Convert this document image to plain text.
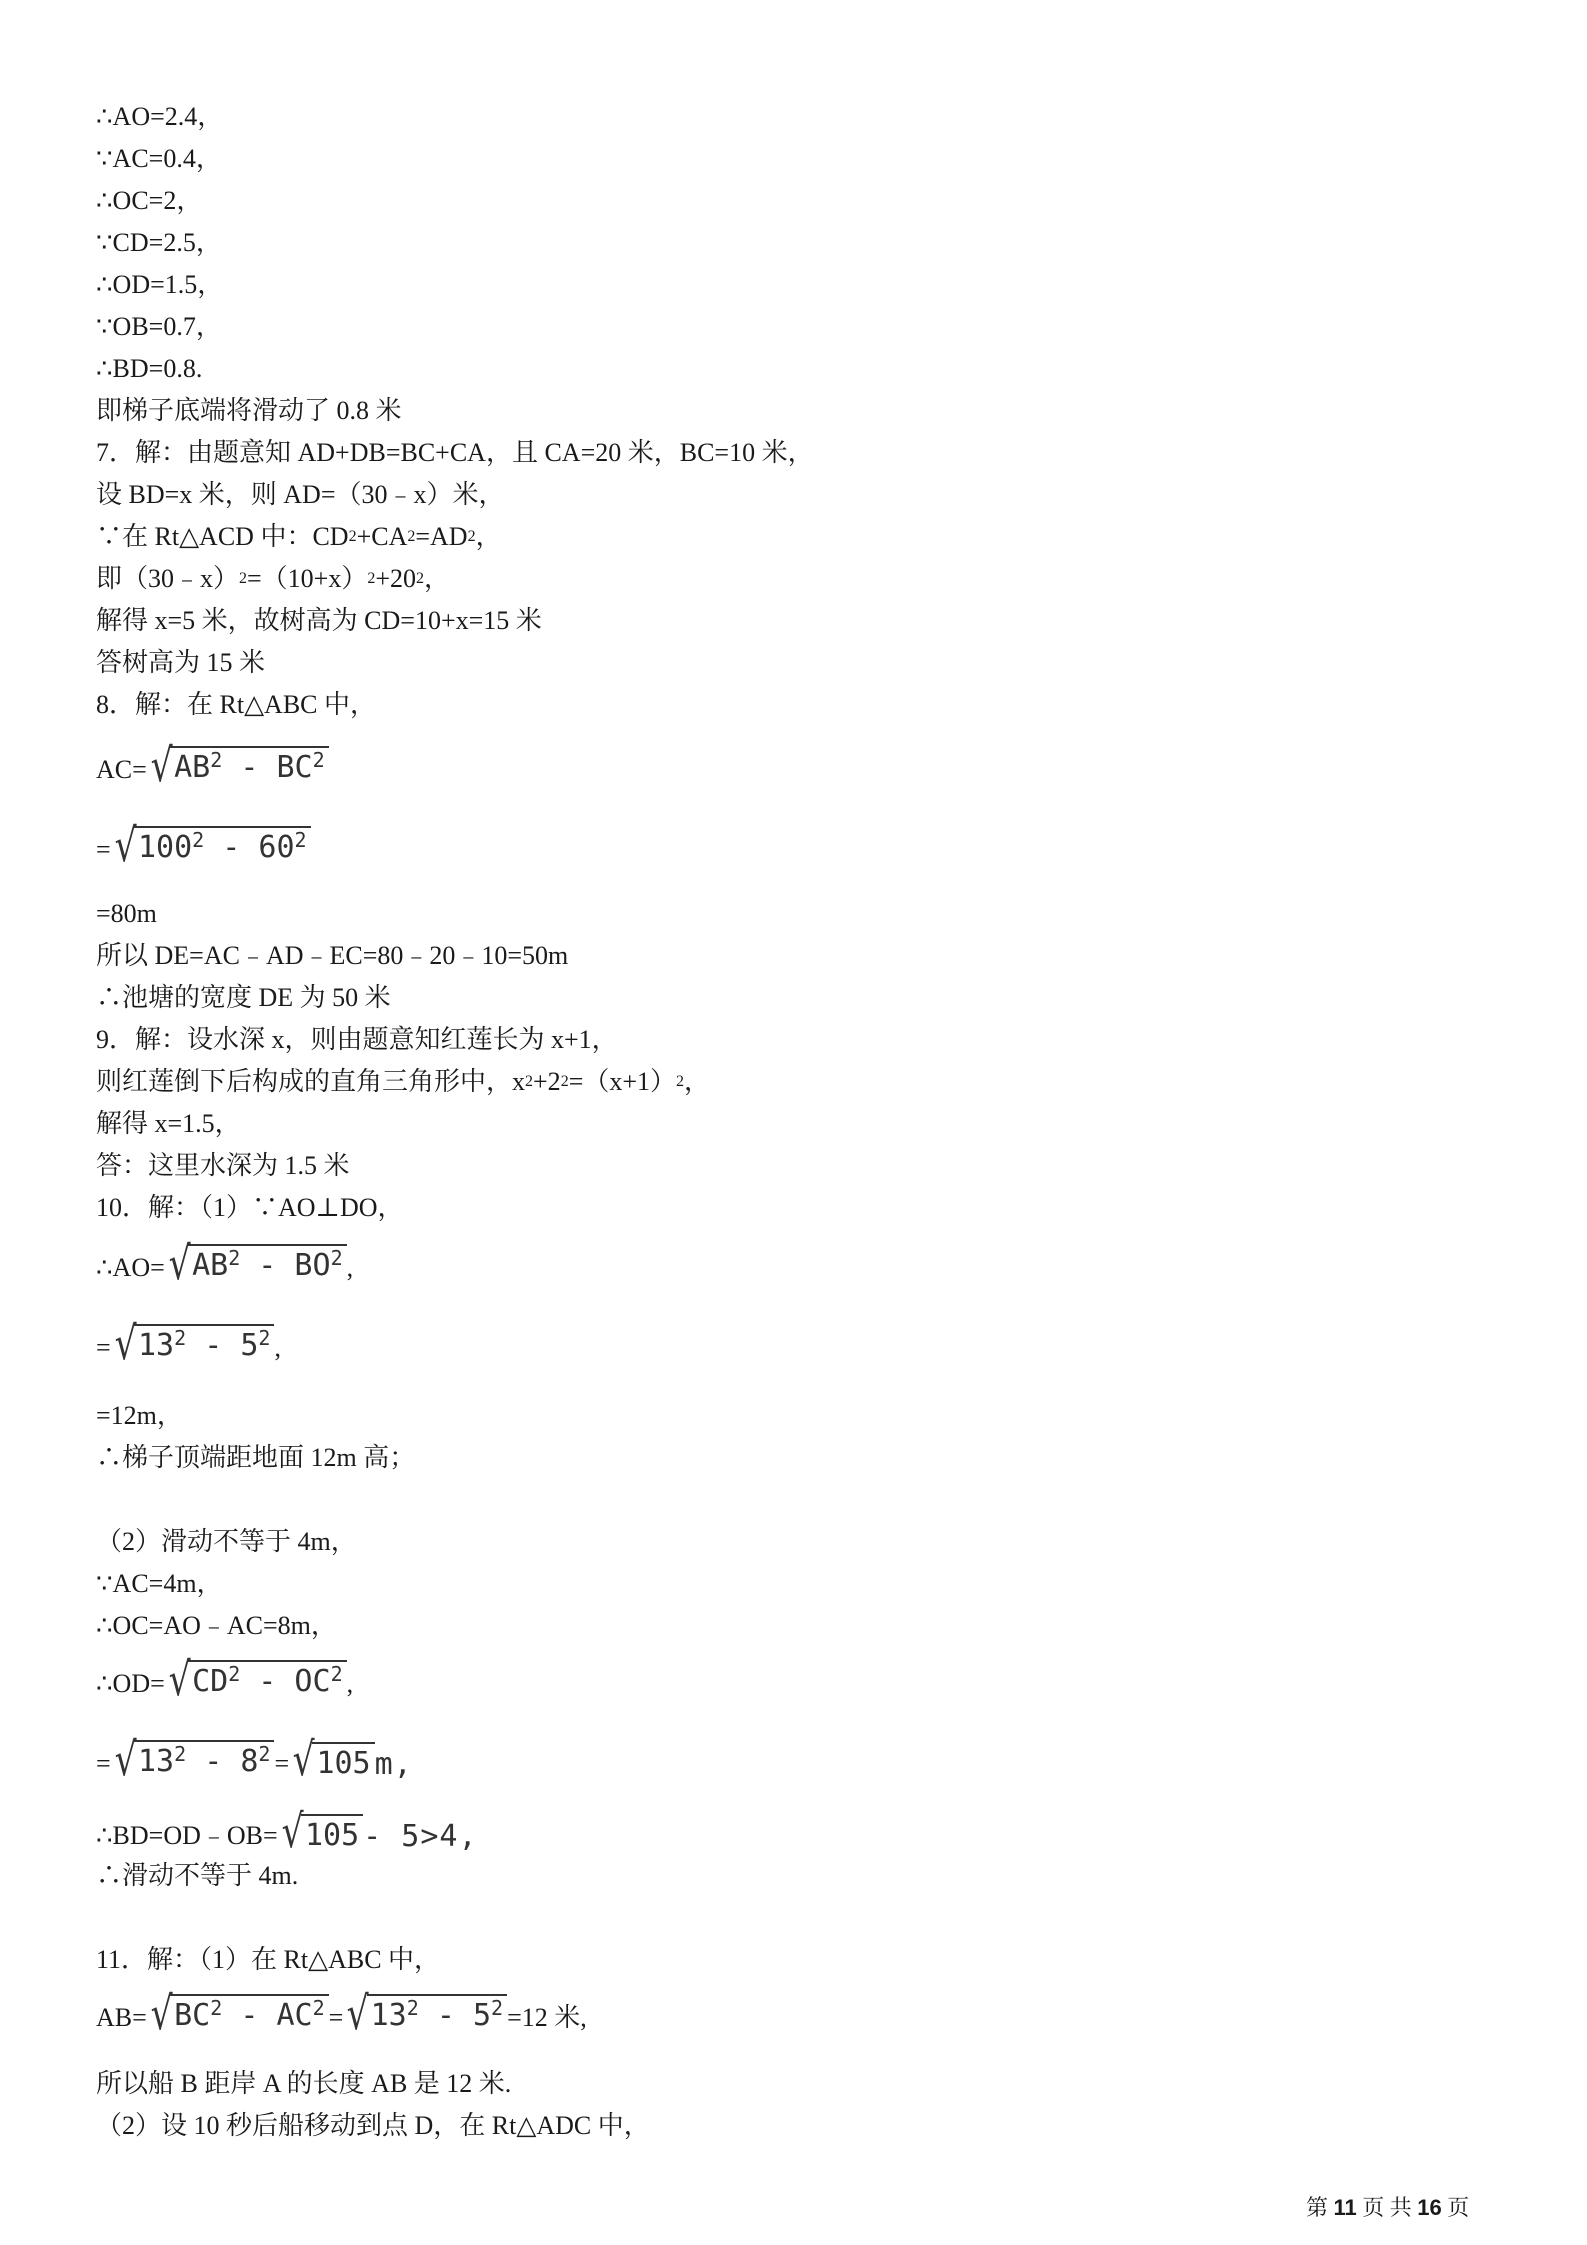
∴AO=2.4，
∵AC=0.4，
∴OC=2，
∵CD=2.5，
∴OD=1.5，
∵OB=0.7，
∴BD=0.8.
即梯子底端将滑动了 0.8 米
7．解：由题意知 AD+DB=BC+CA，且 CA=20 米，BC=10 米，
设 BD=x 米，则 AD=（30﹣x）米，
∵在 Rt△ACD 中：$CD^2+CA^2=AD^2$，
即$(30﹣x)^2=(10+x)^2+20^2$，
解得 x=5 米，故树高为 CD=10+x=15 米
答树高为 15 米
8．解：在 Rt△ABC 中，
AC= √ $AB^2 - BC^2$
= √ $100^2 - 60^2$
=80m
所以 DE=AC﹣AD﹣EC=80﹣20﹣10=50m
∴池塘的宽度 DE 为 50 米
9．解：设水深 x，则由题意知红莲长为 x+1，
则红莲倒下后构成的直角三角形中，$x^2+2^2=(x+1)^2$，
解得 x=1.5，
答：这里水深为 1.5 米
10．解：（1）∵AO⊥DO，
∴AO= √ $AB^2 - BO^2$ ,
= √ $13^2 - 5^2$ ,
=12m，
∴梯子顶端距地面 12m 高；
（2）滑动不等于 4m，
∵AC=4m，
∴OC=AO﹣AC=8m，
∴OD= √ $CD^2 - OC^2$ ,
= √ $13^2 - 8^2$ = √ 105 m,
∴BD=OD﹣OB= √ 105 - 5>4,
∴滑动不等于 4m.
11．解：（1）在 Rt△ABC 中，
AB= √ $BC^2 - AC^2$ = √ $13^2 - 5^2 =12$ 米,
所以船 B 距岸 A 的长度 AB 是 12 米.
（2）设 10 秒后船移动到点 D，在 Rt△ADC 中，
第 11 页 共 16 页
